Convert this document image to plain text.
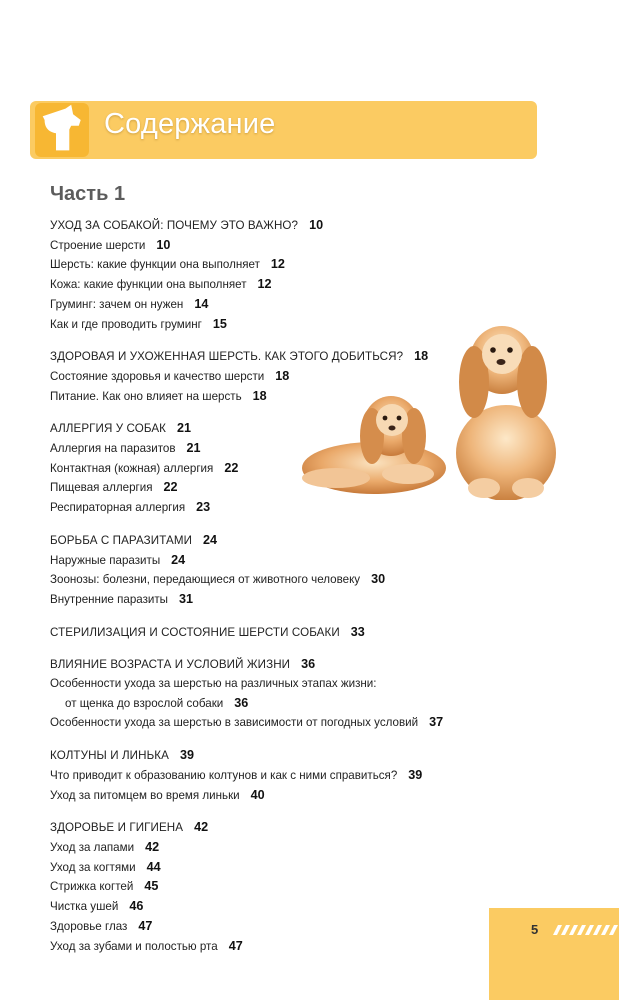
Содержание
Часть 1
УХОД ЗА СОБАКОЙ: ПОЧЕМУ ЭТО ВАЖНО? 10
Строение шерсти 10
Шерсть: какие функции она выполняет 12
Кожа: какие функции она выполняет 12
Груминг: зачем он нужен 14
Как и где проводить груминг 15
ЗДОРОВАЯ И УХОЖЕННАЯ ШЕРСТЬ. КАК ЭТОГО ДОБИТЬСЯ? 18
Состояние здоровья и качество шерсти 18
Питание. Как оно влияет на шерсть 18
АЛЛЕРГИЯ У СОБАК 21
Аллергия на паразитов 21
Контактная (кожная) аллергия 22
Пищевая аллергия 22
Респираторная аллергия 23
БОРЬБА С ПАРАЗИТАМИ 24
Наружные паразиты 24
Зоонозы: болезни, передающиеся от животного человеку 30
Внутренние паразиты 31
СТЕРИЛИЗАЦИЯ И СОСТОЯНИЕ ШЕРСТИ СОБАКИ 33
ВЛИЯНИЕ ВОЗРАСТА И УСЛОВИЙ ЖИЗНИ 36
Особенности ухода за шерстью на различных этапах жизни:
от щенка до взрослой собаки 36
Особенности ухода за шерстью в зависимости от погодных условий 37
КОЛТУНЫ И ЛИНЬКА 39
Что приводит к образованию колтунов и как с ними справиться? 39
Уход за питомцем во время линьки 40
ЗДОРОВЬЕ И ГИГИЕНА 42
Уход за лапами 42
Уход за когтями 44
Стрижка когтей 45
Чистка ушей 46
Здоровье глаз 47
Уход за зубами и полостью рта 47
5
